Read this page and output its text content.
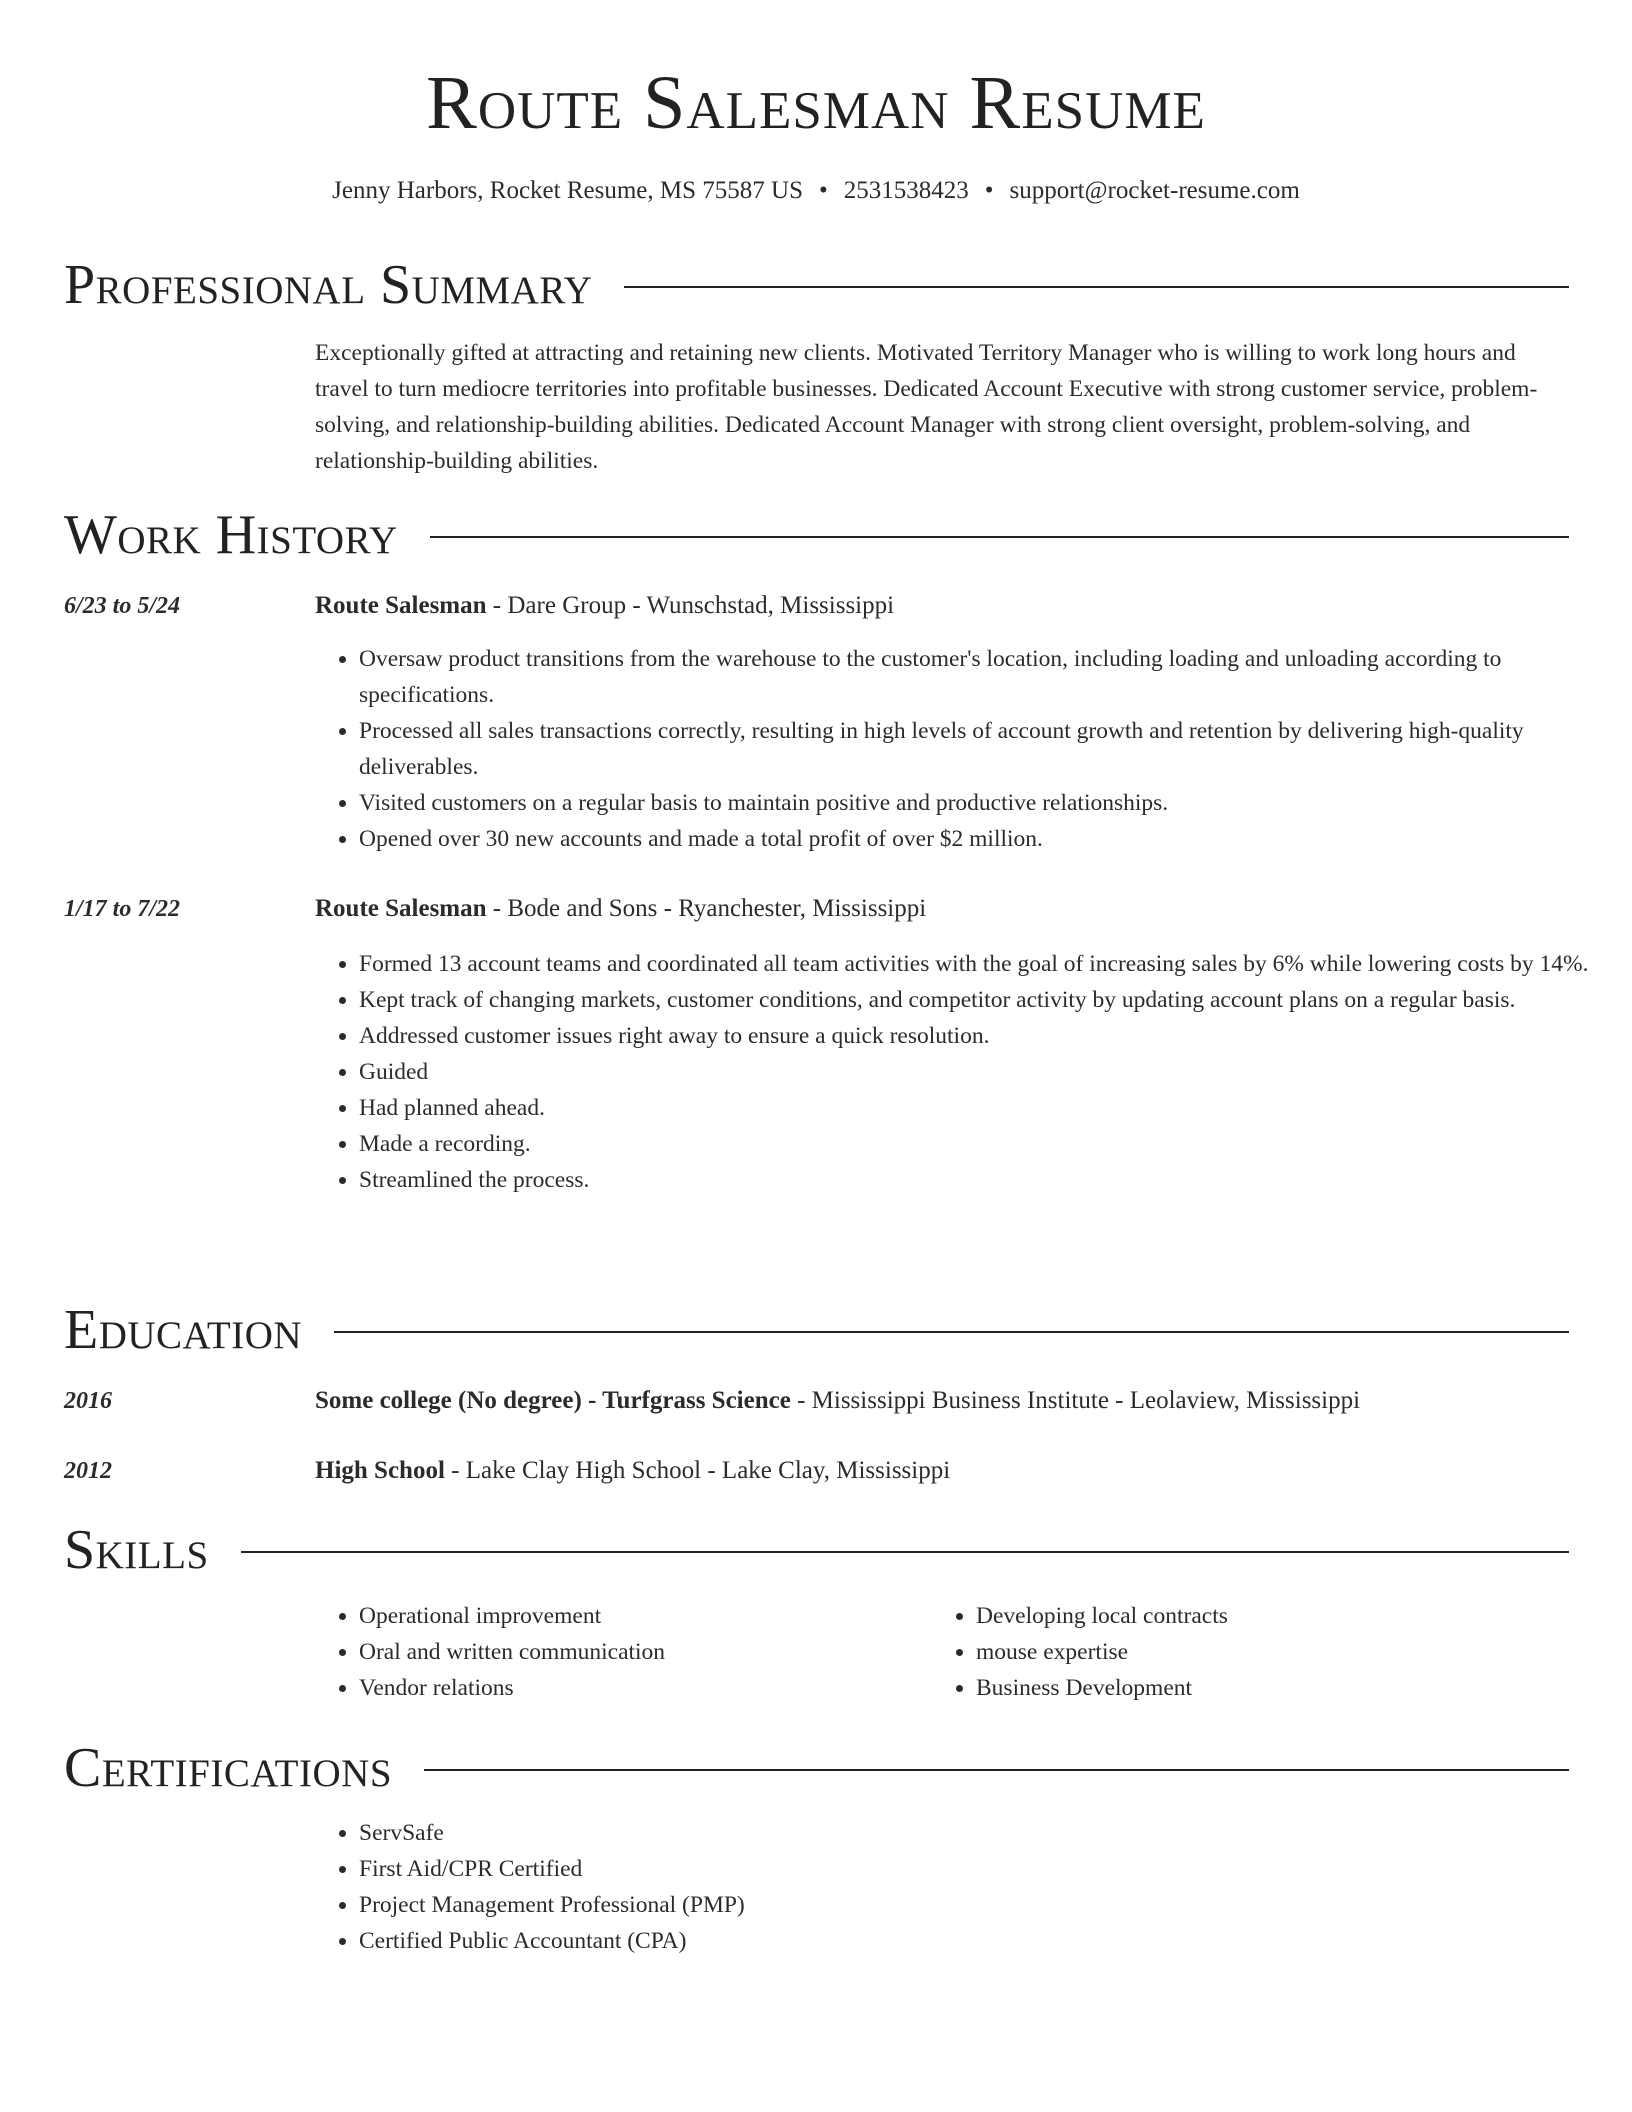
Route Salesman Resume
Jenny Harbors, Rocket Resume, MS 75587 US • 2531538423 • support@rocket-resume.com
Professional Summary

Exceptionally gifted at attracting and retaining new clients. Motivated Territory Manager who is willing to work long hours and travel to turn mediocre territories into profitable businesses. Dedicated Account Executive with strong customer service, problem-solving, and relationship-building abilities. Dedicated Account Manager with strong client oversight, problem-solving, and relationship-building abilities.

Work History
6/23 to 5/24	Route Salesman - Dare Group - Wunschstad, Mississippi
• Oversaw product transitions from the warehouse to the customer's location, including loading and unloading according to specifications.
• Processed all sales transactions correctly, resulting in high levels of account growth and retention by delivering high-quality deliverables.
• Visited customers on a regular basis to maintain positive and productive relationships.
• Opened over 30 new accounts and made a total profit of over $2 million.
1/17 to 7/22	Route Salesman - Bode and Sons - Ryanchester, Mississippi
• Formed 13 account teams and coordinated all team activities with the goal of increasing sales by 6% while lowering costs by 14%.
• Kept track of changing markets, customer conditions, and competitor activity by updating account plans on a regular basis.
• Addressed customer issues right away to ensure a quick resolution.
• Guided
• Had planned ahead.
• Made a recording.
• Streamlined the process.
Education
2016	Some college (No degree) - Turfgrass Science - Mississippi Business Institute - Leolaview, Mississippi
2012	High School - Lake Clay High School - Lake Clay, Mississippi
Skills
• Operational improvement
• Oral and written communication
• Vendor relations
• Developing local contracts
• mouse expertise
• Business Development
Certifications
• ServSafe
• First Aid/CPR Certified
• Project Management Professional (PMP)
• Certified Public Accountant (CPA)
